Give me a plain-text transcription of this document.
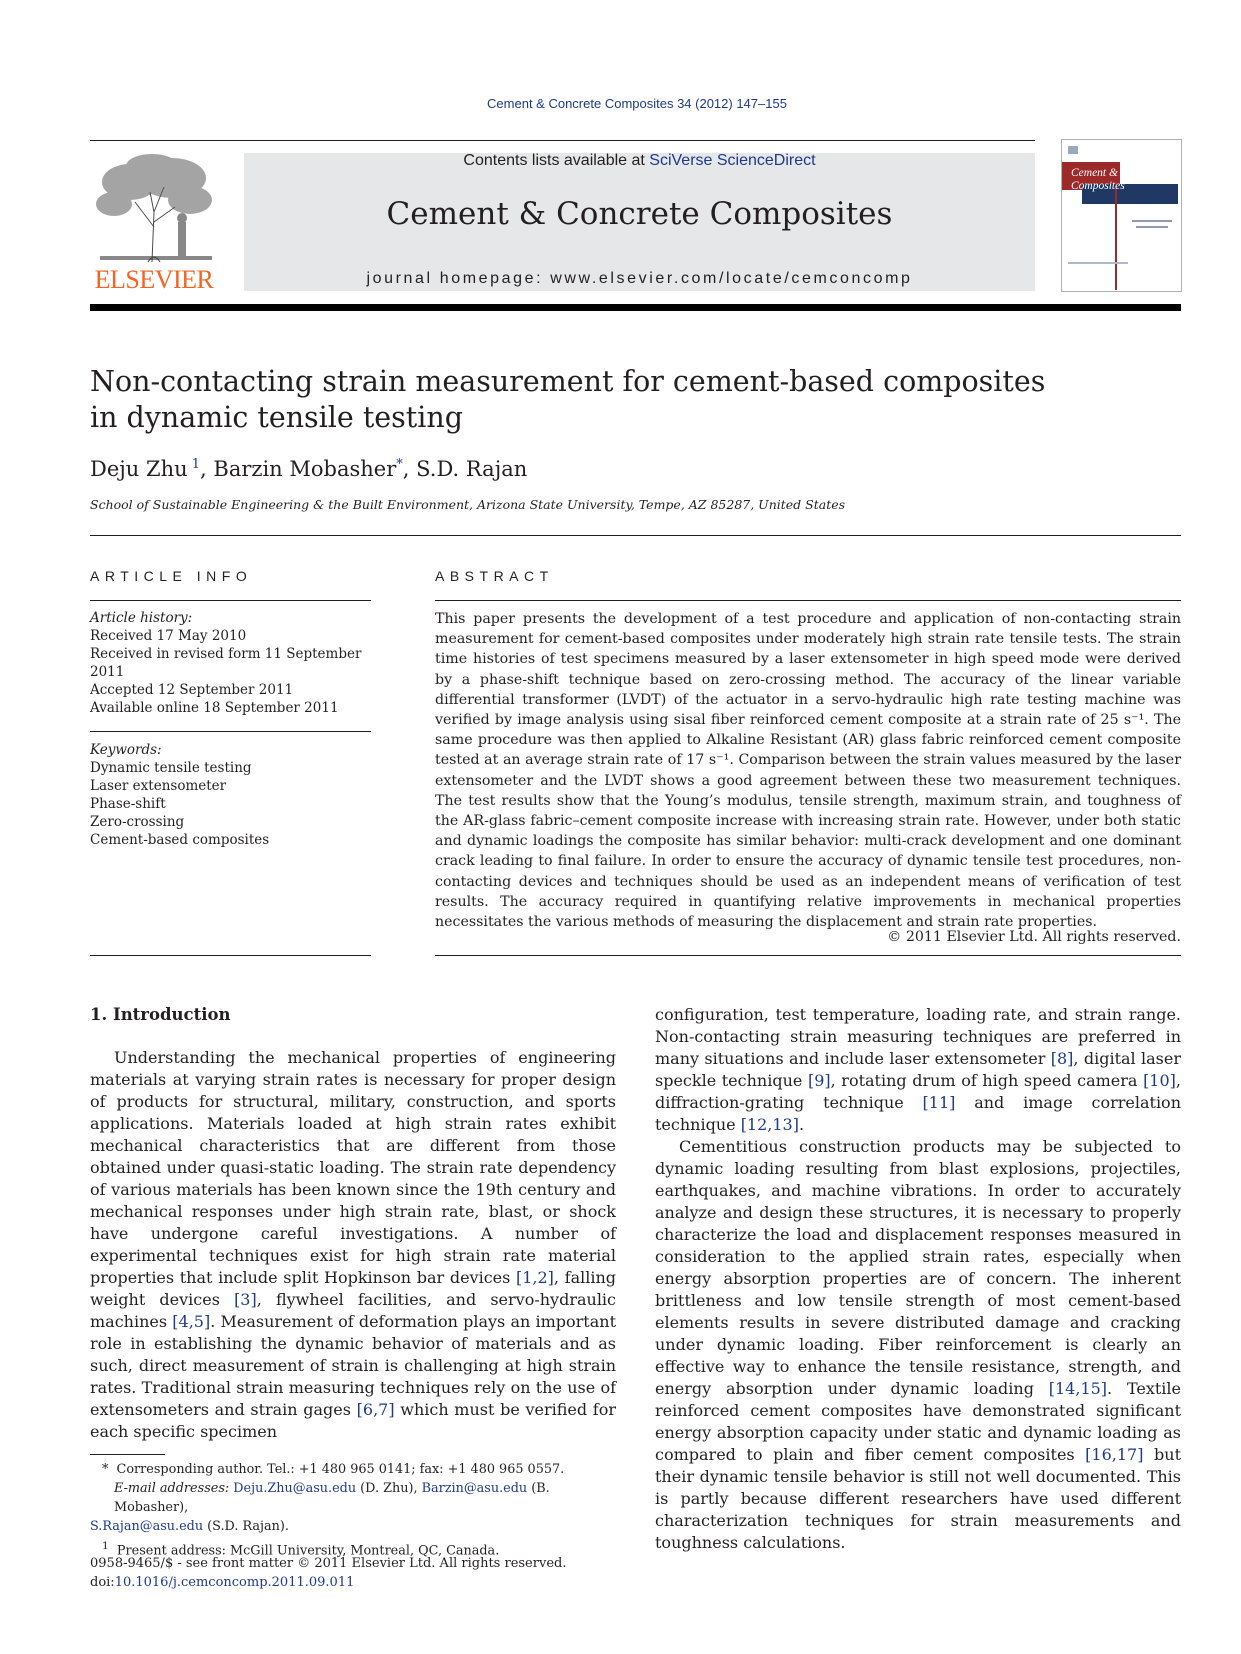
Cement & Concrete Composites 34 (2012) 147–155
ELSEVIER
Contents lists available at SciVerse ScienceDirect
Cement & Concrete Composites
journal homepage: www.elsevier.com/locate/cemconcomp
Cement & Concrete Composites
Non-contacting strain measurement for cement-based composites
in dynamic tensile testing
Deju Zhu $^1$, Barzin Mobasher*, S.D. Rajan
School of Sustainable Engineering & the Built Environment, Arizona State University, Tempe, AZ 85287, United States
ARTICLE INFO
Article history:
Received 17 May 2010
Received in revised form 11 September
2011
Accepted 12 September 2011
Available online 18 September 2011
Keywords:
Dynamic tensile testing
Laser extensometer
Phase-shift
Zero-crossing
Cement-based composites
ABSTRACT

This paper presents the development of a test procedure and application of non-contacting strain measurement for cement-based composites under moderately high strain rate tensile tests. The strain time histories of test specimens measured by a laser extensometer in high speed mode were derived by a phase-shift technique based on zero-crossing method. The accuracy of the linear variable differential transformer (LVDT) of the actuator in a servo-hydraulic high rate testing machine was verified by image analysis using sisal fiber reinforced cement composite at a strain rate of 25 s⁻¹. The same procedure was then applied to Alkaline Resistant (AR) glass fabric reinforced cement composite tested at an average strain rate of 17 s⁻¹. Comparison between the strain values measured by the laser extensometer and the LVDT shows a good agreement between these two measurement techniques. The test results show that the Young’s modulus, tensile strength, maximum strain, and toughness of the AR-glass fabric–cement composite increase with increasing strain rate. However, under both static and dynamic loadings the composite has similar behavior: multi-crack development and one dominant crack leading to final failure. In order to ensure the accuracy of dynamic tensile test procedures, non-contacting devices and techniques should be used as an independent means of verification of test results. The accuracy required in quantifying relative improvements in mechanical properties necessitates the various methods of measuring the displacement and strain rate properties.

© 2011 Elsevier Ltd. All rights reserved.
1. Introduction

Understanding the mechanical properties of engineering materials at varying strain rates is necessary for proper design of products for structural, military, construction, and sports applications. Materials loaded at high strain rates exhibit mechanical characteristics that are different from those obtained under quasi-static loading. The strain rate dependency of various materials has been known since the 19th century and mechanical responses under high strain rate, blast, or shock have undergone careful investigations. A number of experimental techniques exist for high strain rate material properties that include split Hopkinson bar devices [1,2], falling weight devices [3], flywheel facilities, and servo-hydraulic machines [4,5]. Measurement of deformation plays an important role in establishing the dynamic behavior of materials and as such, direct measurement of strain is challenging at high strain rates. Traditional strain measuring techniques rely on the use of extensometers and strain gages [6,7] which must be verified for each specific specimen

configuration, test temperature, loading rate, and strain range. Non-contacting strain measuring techniques are preferred in many situations and include laser extensometer [8], digital laser speckle technique [9], rotating drum of high speed camera [10], diffraction-grating technique [11] and image correlation technique [12,13].

Cementitious construction products may be subjected to dynamic loading resulting from blast explosions, projectiles, earthquakes, and machine vibrations. In order to accurately analyze and design these structures, it is necessary to properly characterize the load and displacement responses measured in consideration to the applied strain rates, especially when energy absorption properties are of concern. The inherent brittleness and low tensile strength of most cement-based elements results in severe distributed damage and cracking under dynamic loading. Fiber reinforcement is clearly an effective way to enhance the tensile resistance, strength, and energy absorption under dynamic loading [14,15]. Textile reinforced cement composites have demonstrated significant energy absorption capacity under static and dynamic loading as compared to plain and fiber cement composites [16,17] but their dynamic tensile behavior is still not well documented. This is partly because different researchers have used different characterization techniques for strain measurements and toughness calculations.

* Corresponding author. Tel.: +1 480 965 0141; fax: +1 480 965 0557.
E-mail addresses: Deju.Zhu@asu.edu (D. Zhu), Barzin@asu.edu (B. Mobasher),
S.Rajan@asu.edu (S.D. Rajan).
$^1$ Present address: McGill University, Montreal, QC, Canada.
0958-9465/$ - see front matter © 2011 Elsevier Ltd. All rights reserved.
doi:10.1016/j.cemconcomp.2011.09.011
